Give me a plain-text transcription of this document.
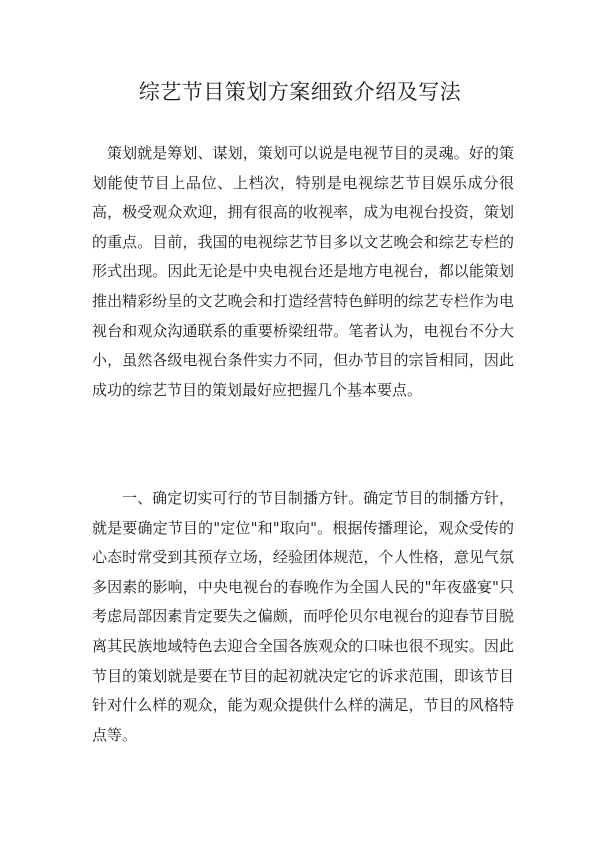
综艺节目策划方案细致介绍及写法

策划就是筹划、谋划，策划可以说是电视节目的灵魂。好的策划能使节目上品位、上档次，特别是电视综艺节目娱乐成分很高，极受观众欢迎，拥有很高的收视率，成为电视台投资，策划的重点。目前，我国的电视综艺节目多以文艺晚会和综艺专栏的形式出现。因此无论是中央电视台还是地方电视台，都以能策划推出精彩纷呈的文艺晚会和打造经营特色鲜明的综艺专栏作为电视台和观众沟通联系的重要桥梁纽带。笔者认为，电视台不分大小，虽然各级电视台条件实力不同，但办节目的宗旨相同，因此成功的综艺节目的策划最好应把握几个基本要点。

一、确定切实可行的节目制播方针。确定节目的制播方针，就是要确定节目的"定位"和"取向"。根据传播理论，观众受传的心态时常受到其预存立场，经验团体规范，个人性格，意见气氛多因素的影响，中央电视台的春晚作为全国人民的"年夜盛宴"只考虑局部因素肯定要失之偏颇，而呼伦贝尔电视台的迎春节目脱离其民族地域特色去迎合全国各族观众的口味也很不现实。因此节目的策划就是要在节目的起初就决定它的诉求范围，即该节目针对什么样的观众，能为观众提供什么样的满足，节目的风格特点等。
